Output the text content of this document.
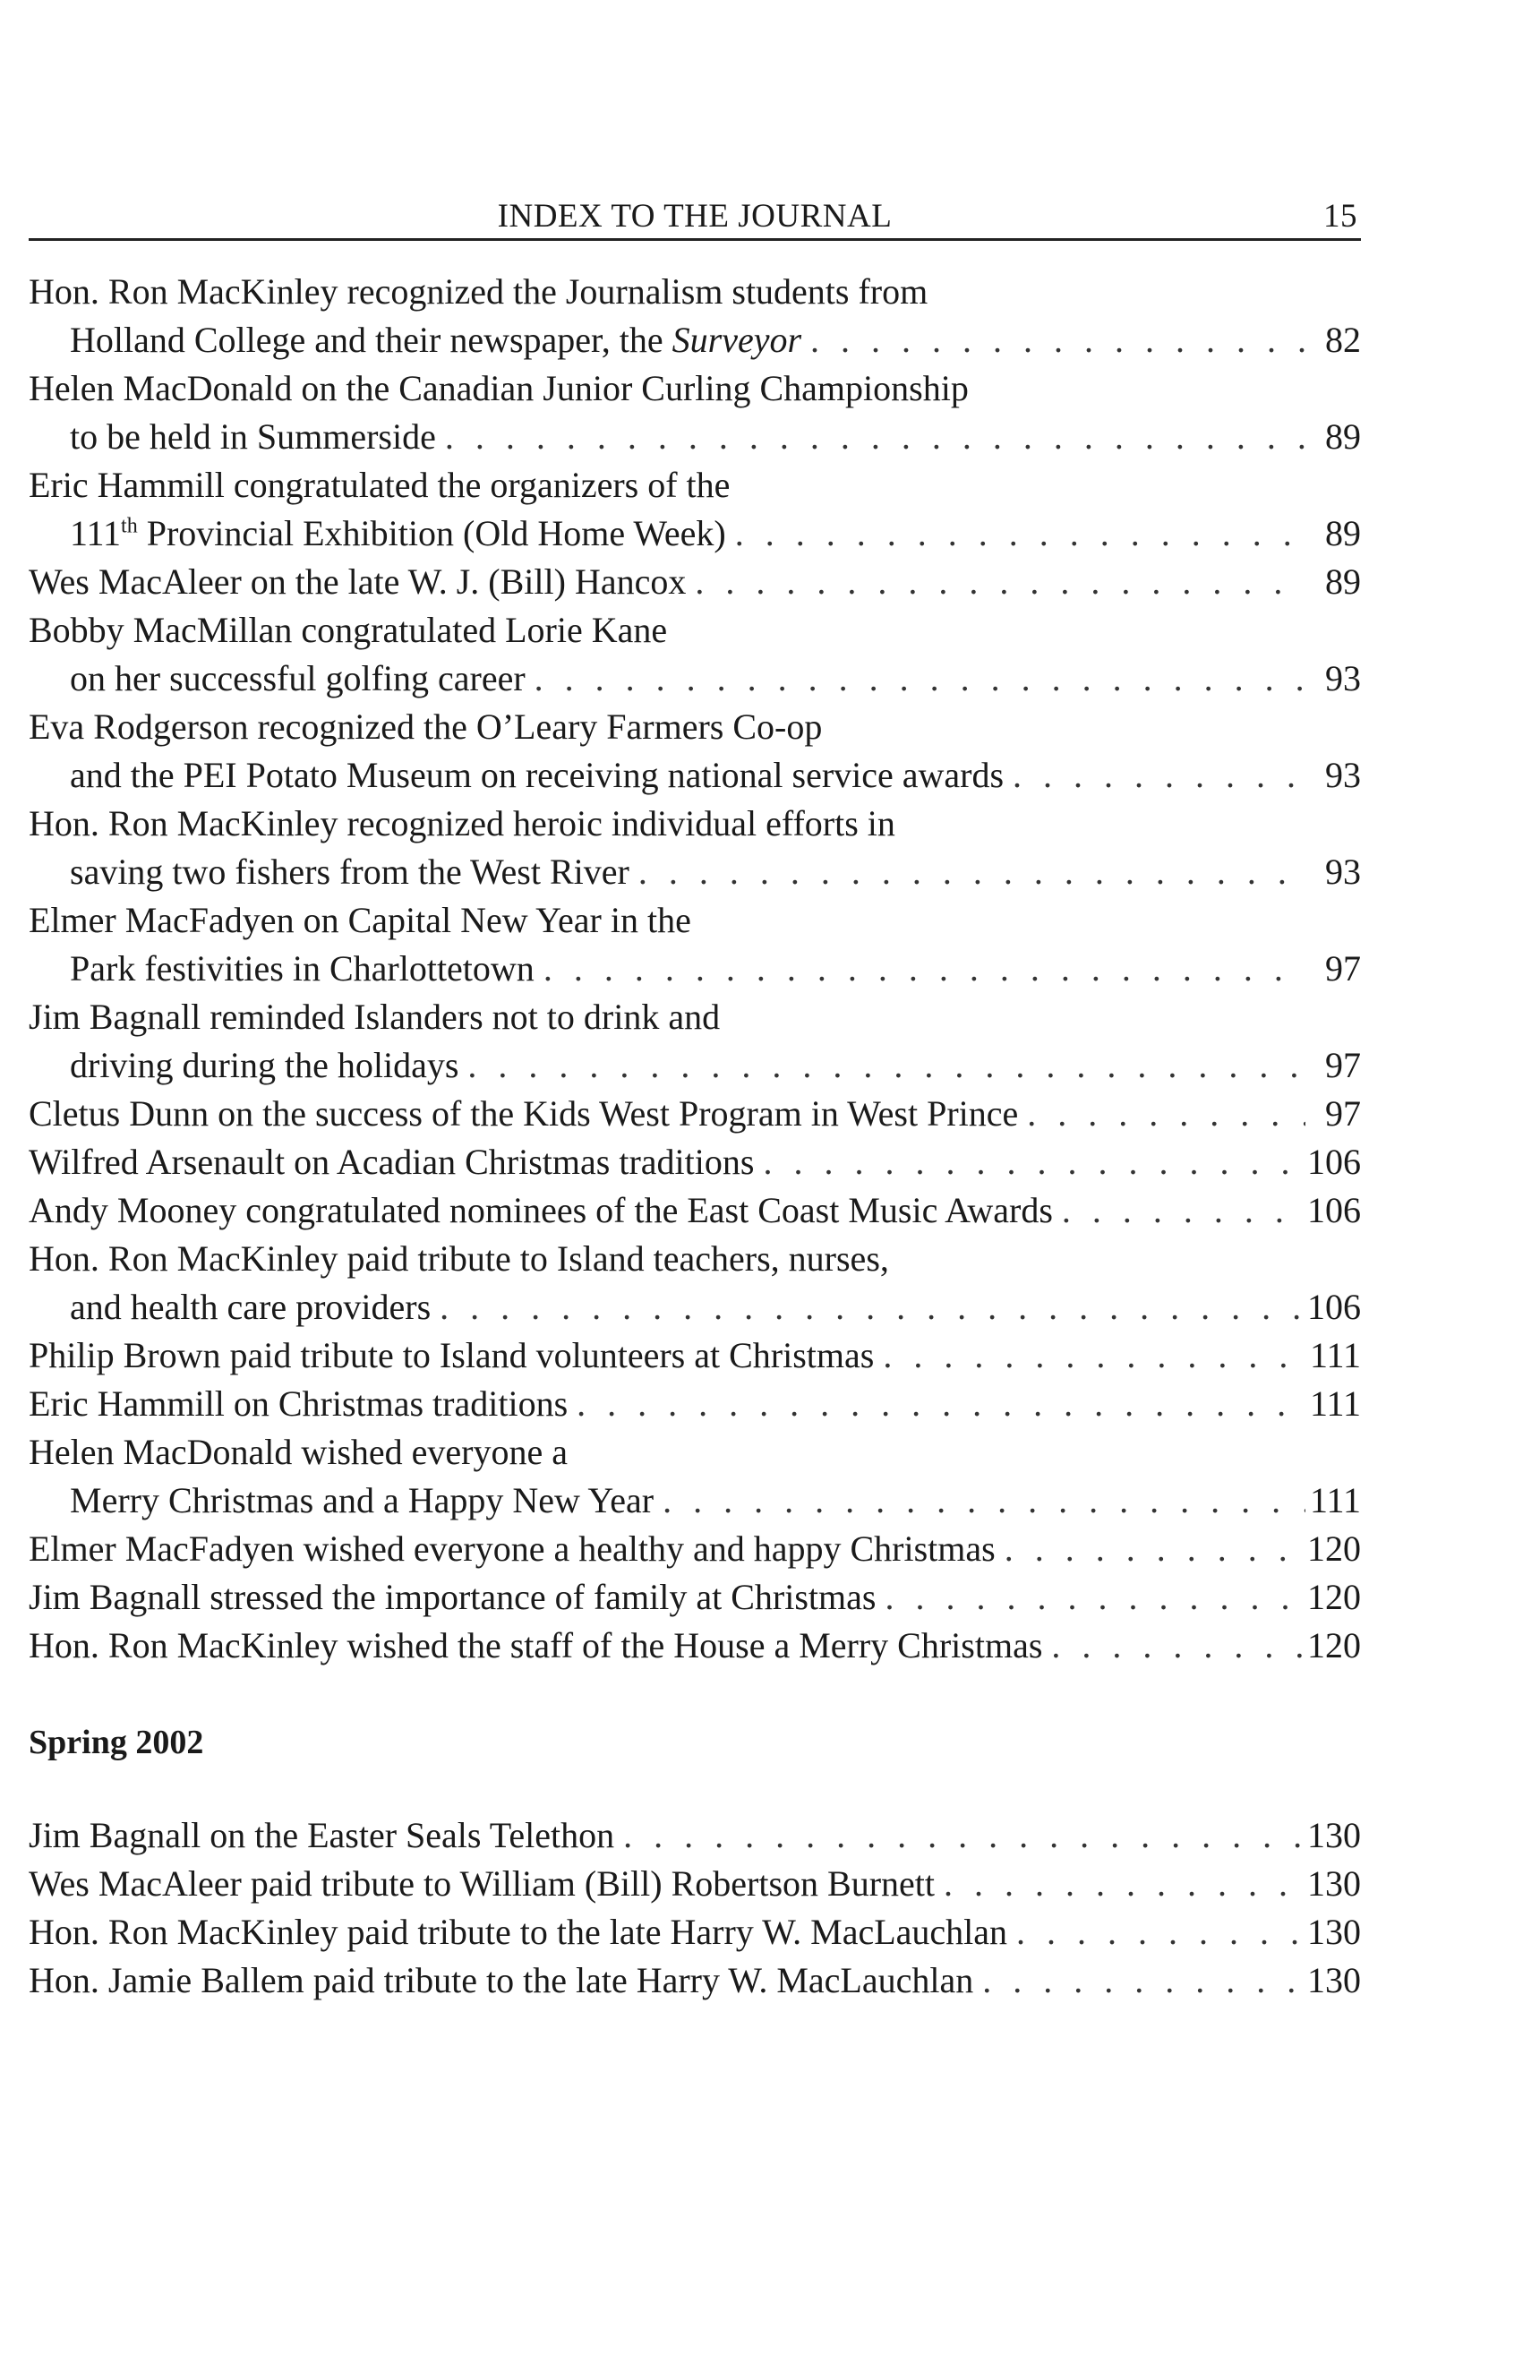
INDEX TO THE JOURNAL	15
Hon. Ron MacKinley recognized the Journalism students from
Holland College and their newspaper, the Surveyor . . .	82
Helen MacDonald on the Canadian Junior Curling Championship
to be held in Summerside . . .	89
Eric Hammill congratulated the organizers of the
111th Provincial Exhibition (Old Home Week) . . .	89
Wes MacAleer on the late W. J. (Bill) Hancox . . .	89
Bobby MacMillan congratulated Lorie Kane
on her successful golfing career . . .	93
Eva Rodgerson recognized the O’Leary Farmers Co-op
and the PEI Potato Museum on receiving national service awards . . .	93
Hon. Ron MacKinley recognized heroic individual efforts in
saving two fishers from the West River . . .	93
Elmer MacFadyen on Capital New Year in the
Park festivities in Charlottetown . . .	97
Jim Bagnall reminded Islanders not to drink and
driving during the holidays . . .	97
Cletus Dunn on the success of the Kids West Program in West Prince . . .	97
Wilfred Arsenault on Acadian Christmas traditions . . .	106
Andy Mooney congratulated nominees of the East Coast Music Awards . . .	106
Hon. Ron MacKinley paid tribute to Island teachers, nurses,
and health care providers . . .	106
Philip Brown paid tribute to Island volunteers at Christmas . . .	111
Eric Hammill on Christmas traditions . . .	111
Helen MacDonald wished everyone a
Merry Christmas and a Happy New Year . . .	111
Elmer MacFadyen wished everyone a healthy and happy Christmas . . .	120
Jim Bagnall stressed the importance of family at Christmas . . .	120
Hon. Ron MacKinley wished the staff of the House a Merry Christmas . . .	120
Spring 2002
Jim Bagnall on the Easter Seals Telethon . . .	130
Wes MacAleer paid tribute to William (Bill) Robertson Burnett . . .	130
Hon. Ron MacKinley paid tribute to the late Harry W. MacLauchlan . . .	130
Hon. Jamie Ballem paid tribute to the late Harry W. MacLauchlan . . .	130
